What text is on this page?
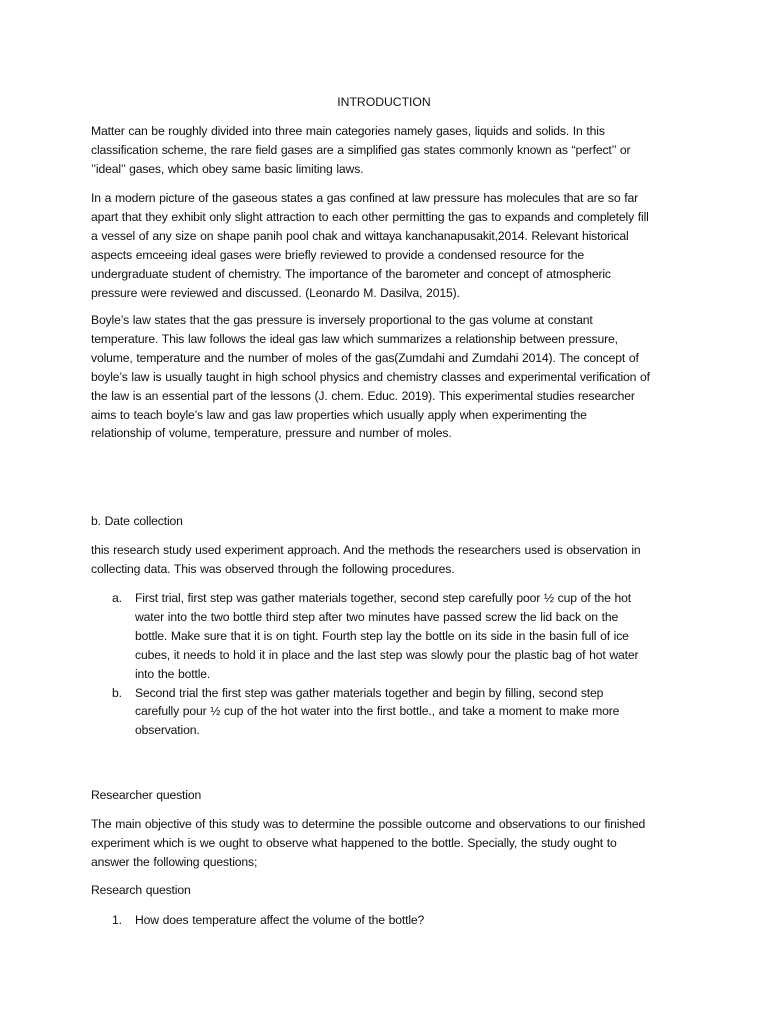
INTRODUCTION
Matter can be roughly divided into three main categories namely gases, liquids and solids. In this classification scheme, the rare field gases are a simplified gas states commonly known as “perfect’’ or ’’ideal’’ gases, which obey same basic limiting laws.
In a modern picture of the gaseous states a gas confined at law pressure has molecules that are so far apart that they exhibit only slight attraction to each other permitting the gas to expands and completely fill a vessel of any size on shape panih pool chak and wittaya kanchanapusakit,2014. Relevant historical aspects emceeing ideal gases were briefly reviewed to provide a condensed resource for the undergraduate student of chemistry. The importance of the barometer and concept of atmospheric pressure were reviewed and discussed. (Leonardo M. Dasilva, 2015).
Boyle’s law states that the gas pressure is inversely proportional to the gas volume at constant temperature. This law follows the ideal gas law which summarizes a relationship between pressure, volume, temperature and the number of moles of the gas(Zumdahi and Zumdahi 2014). The concept of boyle’s law is usually taught in high school physics and chemistry classes and experimental verification of the law is an essential part of the lessons (J. chem. Educ. 2019). This experimental studies researcher aims to teach boyle’s law and gas law properties which usually apply when experimenting the relationship of volume, temperature, pressure and number of moles.
b. Date collection
this research study used experiment approach. And the methods the researchers used is observation in collecting data. This was observed through the following procedures.
a. First trial, first step was gather materials together, second step carefully poor ½ cup of the hot water into the two bottle third step after two minutes have passed screw the lid back on the bottle. Make sure that it is on tight. Fourth step lay the bottle on its side in the basin full of ice cubes, it needs to hold it in place and the last step was slowly pour the plastic bag of hot water into the bottle.
b. Second trial the first step was gather materials together and begin by filling, second step carefully pour ½ cup of the hot water into the first bottle., and take a moment to make more observation.
Researcher question
The main objective of this study was to determine the possible outcome and observations to our finished experiment which is we ought to observe what happened to the bottle. Specially, the study ought to answer the following questions;
Research question
1. How does temperature affect the volume of the bottle?
